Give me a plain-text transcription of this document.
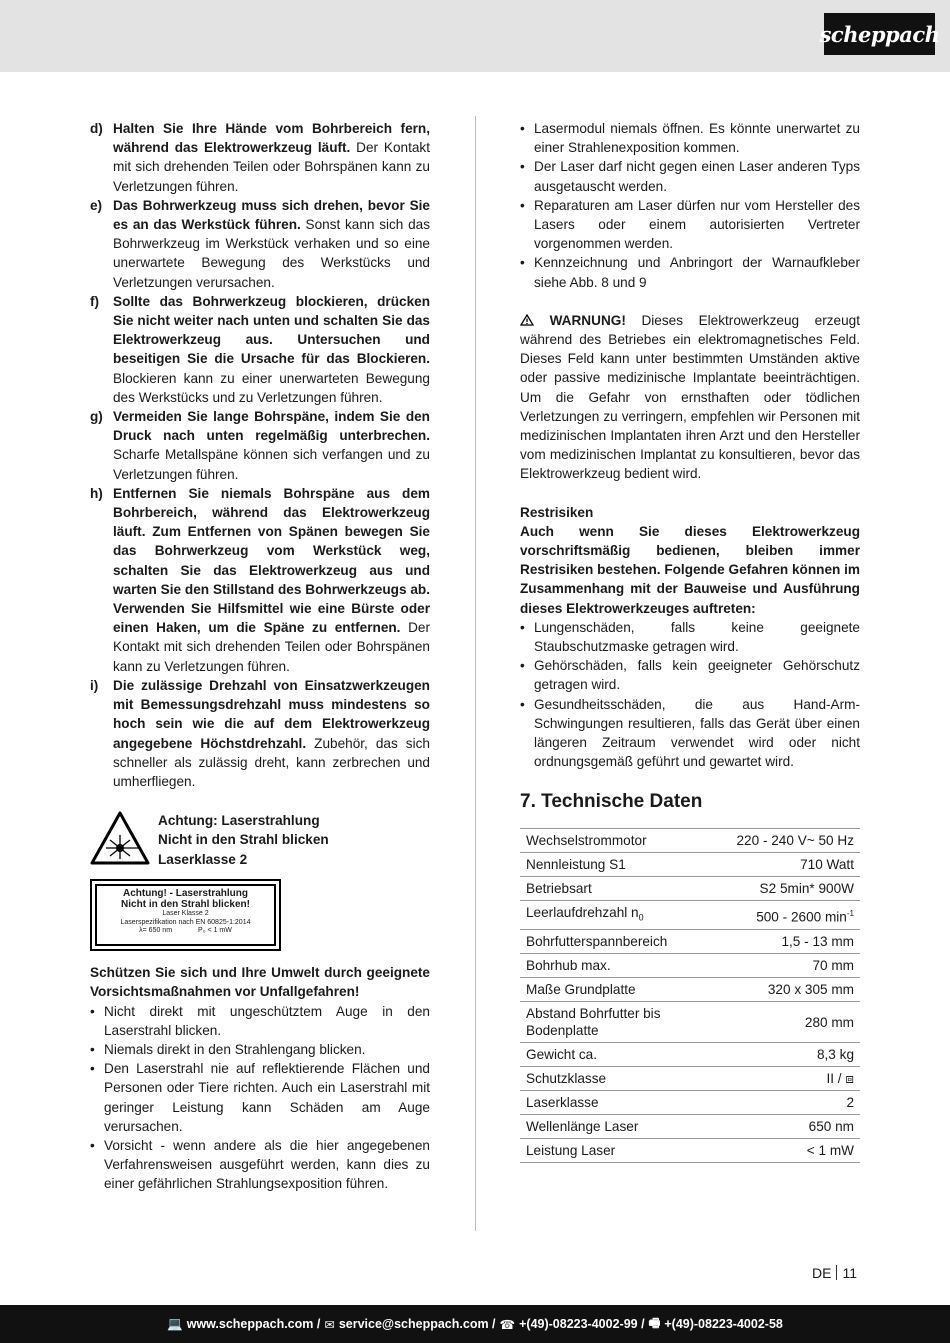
scheppach
d) Halten Sie Ihre Hände vom Bohrbereich fern, während das Elektrowerkzeug läuft. Der Kontakt mit sich drehenden Teilen oder Bohrspänen kann zu Verletzungen führen.
e) Das Bohrwerkzeug muss sich drehen, bevor Sie es an das Werkstück führen. Sonst kann sich das Bohrwerkzeug im Werkstück verhaken und so eine unerwartete Bewegung des Werkstücks und Verletzungen verursachen.
f)	Sollte das Bohrwerkzeug blockieren, drücken Sie nicht weiter nach unten und schalten Sie das Elektrowerkzeug aus. Untersuchen und beseitigen Sie die Ursache für das Blockieren. Blockieren kann zu einer unerwarteten Bewegung des Werkstücks und zu Verletzungen führen.
g) Vermeiden Sie lange Bohrspäne, indem Sie den Druck nach unten regelmäßig unterbrechen. Scharfe Metallspäne können sich verfangen und zu Verletzungen führen.
h) Entfernen Sie niemals Bohrspäne aus dem Bohrbereich, während das Elektrowerkzeug läuft. Zum Entfernen von Spänen bewegen Sie das Bohrwerkzeug vom Werkstück weg, schalten Sie das Elektrowerkzeug aus und warten Sie den Stillstand des Bohrwerkzeugs ab. Verwenden Sie Hilfsmittel wie eine Bürste oder einen Haken, um die Späne zu entfernen. Der Kontakt mit sich drehenden Teilen oder Bohrspänen kann zu Verletzungen führen.
i)	Die zulässige Drehzahl von Einsatzwerkzeugen mit Bemessungsdrehzahl muss mindestens so hoch sein wie die auf dem Elektrowerkzeug angegebene Höchstdrehzahl. Zubehör, das sich schneller als zulässig dreht, kann zerbrechen und umherfliegen.
Achtung: Laserstrahlung
Nicht in den Strahl blicken
Laserklasse 2
Achtung! - Laserstrahlung
Nicht in den Strahl blicken!
Laser Klasse 2
Laserspezifikation nach EN 60825-1:2014
λ= 650 nm	P₀ < 1 mW
Schützen Sie sich und Ihre Umwelt durch geeignete Vorsichtsmaßnahmen vor Unfallgefahren!
• Nicht direkt mit ungeschütztem Auge in den Laserstrahl blicken.
• Niemals direkt in den Strahlengang blicken.
• Den Laserstrahl nie auf reflektierende Flächen und Personen oder Tiere richten. Auch ein Laserstrahl mit geringer Leistung kann Schäden am Auge verursachen.
• Vorsicht - wenn andere als die hier angegebenen Verfahrensweisen ausgeführt werden, kann dies zu einer gefährlichen Strahlungsexposition führen.
• Lasermodul niemals öffnen. Es könnte unerwartet zu einer Strahlenexposition kommen.
• Der Laser darf nicht gegen einen Laser anderen Typs ausgetauscht werden.
• Reparaturen am Laser dürfen nur vom Hersteller des Lasers oder einem autorisierten Vertreter vorgenommen werden.
• Kennzeichnung und Anbringort der Warnaufkleber siehe Abb. 8 und 9
WARNUNG! Dieses Elektrowerkzeug erzeugt während des Betriebes ein elektromagnetisches Feld. Dieses Feld kann unter bestimmten Umständen aktive oder passive medizinische Implantate beeinträchtigen. Um die Gefahr von ernsthaften oder tödlichen Verletzungen zu verringern, empfehlen wir Personen mit medizinischen Implantaten ihren Arzt und den Hersteller vom medizinischen Implantat zu konsultieren, bevor das Elektrowerkzeug bedient wird.
Restrisiken
Auch wenn Sie dieses Elektrowerkzeug vorschriftsmäßig bedienen, bleiben immer Restrisiken bestehen. Folgende Gefahren können im Zusammenhang mit der Bauweise und Ausführung dieses Elektrowerkzeuges auftreten:
• Lungenschäden, falls keine geeignete Staubschutzmaske getragen wird.
• Gehörschäden, falls kein geeigneter Gehörschutz getragen wird.
• Gesundheitsschäden, die aus Hand-Arm-Schwingungen resultieren, falls das Gerät über einen längeren Zeitraum verwendet wird oder nicht ordnungsgemäß geführt und gewartet wird.
7. Technische Daten
Wechselstrommotor	220 - 240 V~ 50 Hz
Nennleistung S1	710 Watt
Betriebsart	S2 5min* 900W
Leerlaufdrehzahl $n_0$	500 - 2600 $\min^{-1}$
Bohrfutterspannbereich	1,5 - 13 mm
Bohrhub max.	70 mm
Maße Grundplatte	320 x 305 mm
Abstand Bohrfutter bis Bodenplatte	280 mm
Gewicht ca.	8,3 kg
Schutzklasse	II / ⧈
Laserklasse	2
Wellenlänge Laser	650 nm
Leistung Laser	< 1 mW
DE 11
💻 www.scheppach.com / ✉ service@scheppach.com / ☎ +(49)-08223-4002-99 / 🖷 +(49)-08223-4002-58
